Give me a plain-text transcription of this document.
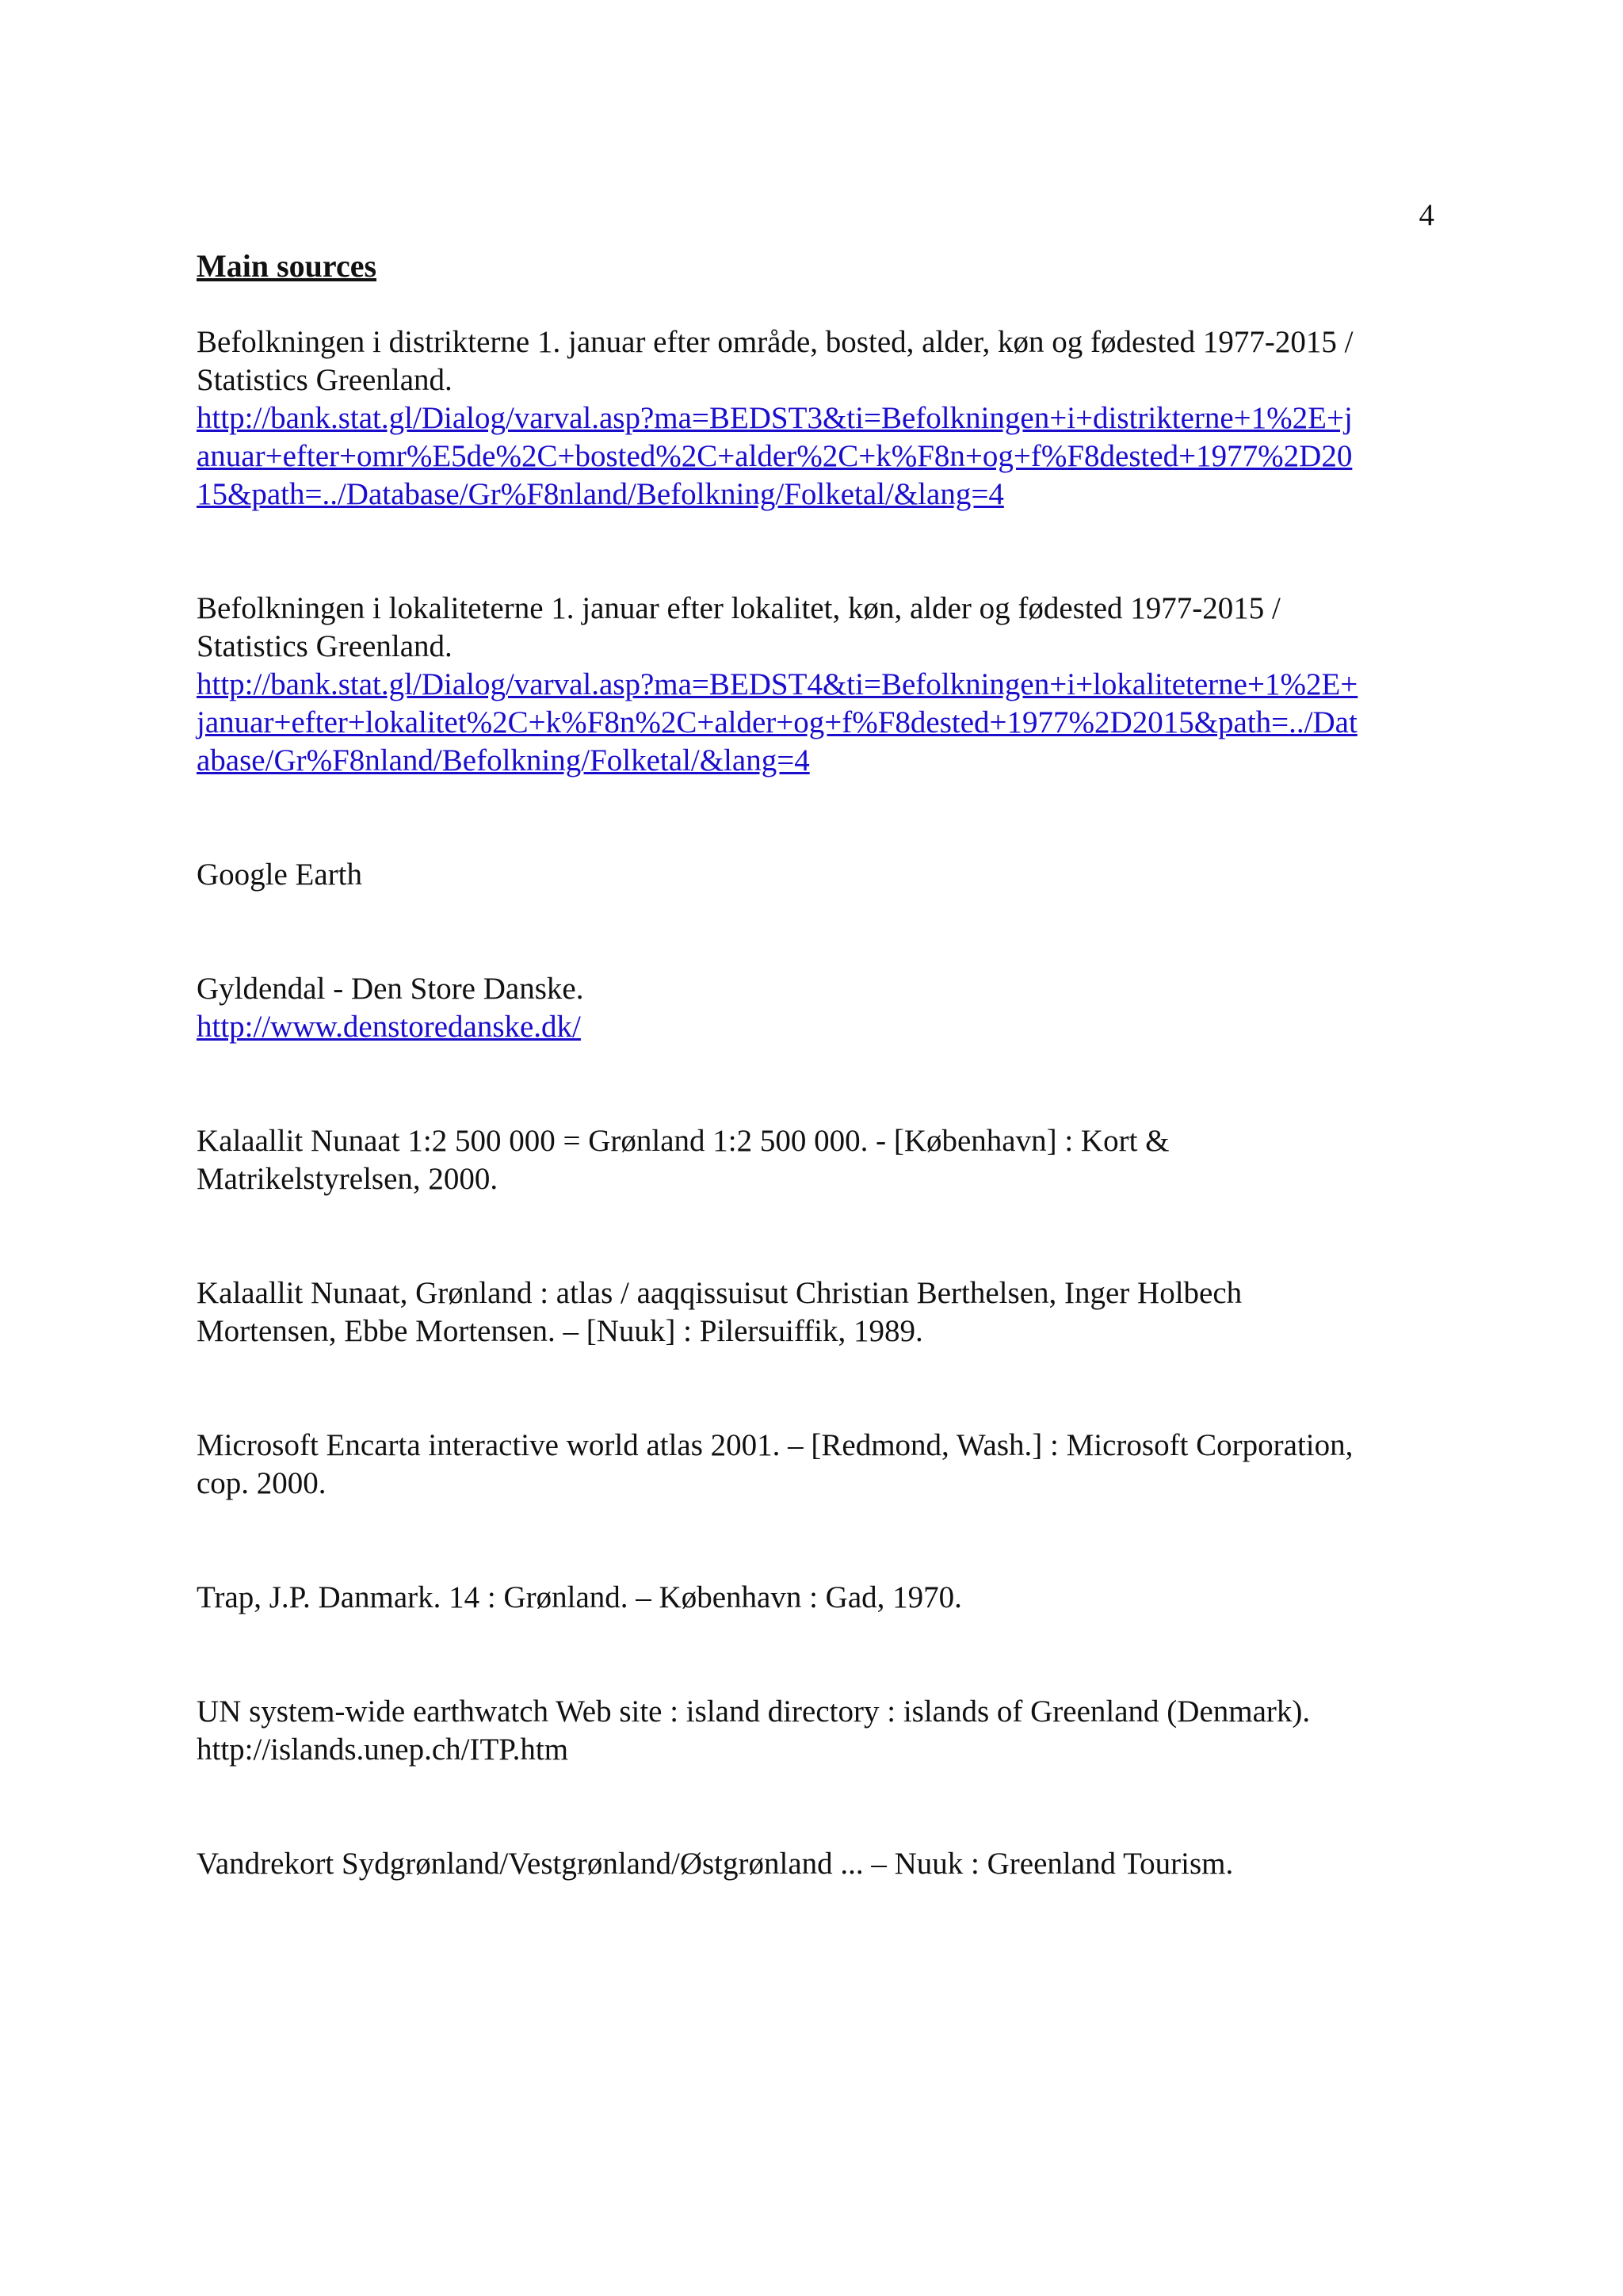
4
Main sources
Befolkningen i distrikterne 1. januar efter område, bosted, alder, køn og fødested 1977-2015 /
Statistics Greenland.
http://bank.stat.gl/Dialog/varval.asp?ma=BEDST3&ti=Befolkningen+i+distrikterne+1%2E+j
anuar+efter+omr%E5de%2C+bosted%2C+alder%2C+k%F8n+og+f%F8dested+1977%2D20
15&path=../Database/Gr%F8nland/Befolkning/Folketal/&lang=4
Befolkningen i lokaliteterne 1. januar efter lokalitet, køn, alder og fødested 1977-2015 /
Statistics Greenland.
http://bank.stat.gl/Dialog/varval.asp?ma=BEDST4&ti=Befolkningen+i+lokaliteterne+1%2E+
januar+efter+lokalitet%2C+k%F8n%2C+alder+og+f%F8dested+1977%2D2015&path=../Dat
abase/Gr%F8nland/Befolkning/Folketal/&lang=4
Google Earth
Gyldendal - Den Store Danske.
http://www.denstoredanske.dk/
Kalaallit Nunaat 1:2 500 000 = Grønland 1:2 500 000. - [København] : Kort &
Matrikelstyrelsen, 2000.
Kalaallit Nunaat, Grønland : atlas / aaqqissuisut Christian Berthelsen, Inger Holbech
Mortensen, Ebbe Mortensen. – [Nuuk] : Pilersuiffik, 1989.
Microsoft Encarta interactive world atlas 2001. – [Redmond, Wash.] : Microsoft Corporation,
cop. 2000.
Trap, J.P. Danmark. 14 : Grønland. – København : Gad, 1970.
UN system-wide earthwatch Web site : island directory : islands of Greenland (Denmark).
http://islands.unep.ch/ITP.htm
Vandrekort Sydgrønland/Vestgrønland/Østgrønland ... – Nuuk : Greenland Tourism.
